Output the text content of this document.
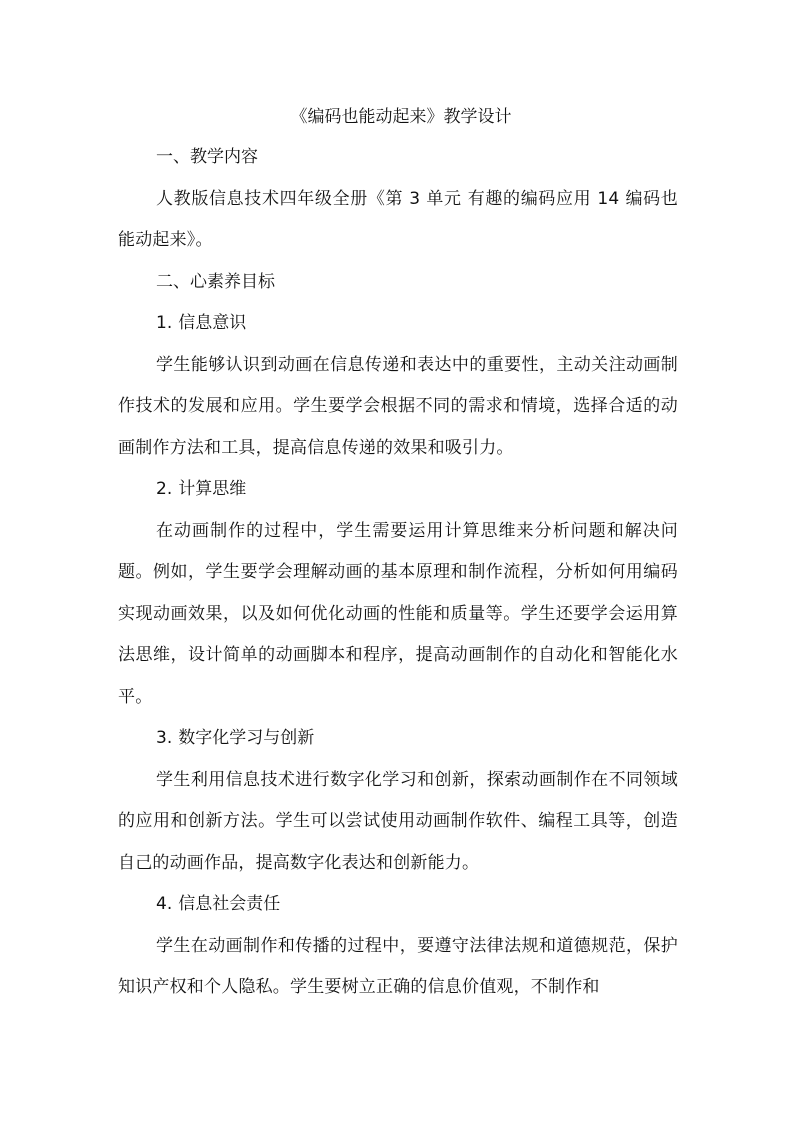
《编码也能动起来》教学设计

一、教学内容

人教版信息技术四年级全册《第 3 单元 有趣的编码应用 14 编码也能动起来》。

二、心素养目标

1. 信息意识

学生能够认识到动画在信息传递和表达中的重要性，主动关注动画制作技术的发展和应用。学生要学会根据不同的需求和情境，选择合适的动画制作方法和工具，提高信息传递的效果和吸引力。

2. 计算思维

在动画制作的过程中，学生需要运用计算思维来分析问题和解决问题。例如，学生要学会理解动画的基本原理和制作流程，分析如何用编码实现动画效果，以及如何优化动画的性能和质量等。学生还要学会运用算法思维，设计简单的动画脚本和程序，提高动画制作的自动化和智能化水平。

3. 数字化学习与创新

学生利用信息技术进行数字化学习和创新，探索动画制作在不同领域的应用和创新方法。学生可以尝试使用动画制作软件、编程工具等，创造自己的动画作品，提高数字化表达和创新能力。

4. 信息社会责任

学生在动画制作和传播的过程中，要遵守法律法规和道德规范，保护知识产权和个人隐私。学生要树立正确的信息价值观，不制作和
